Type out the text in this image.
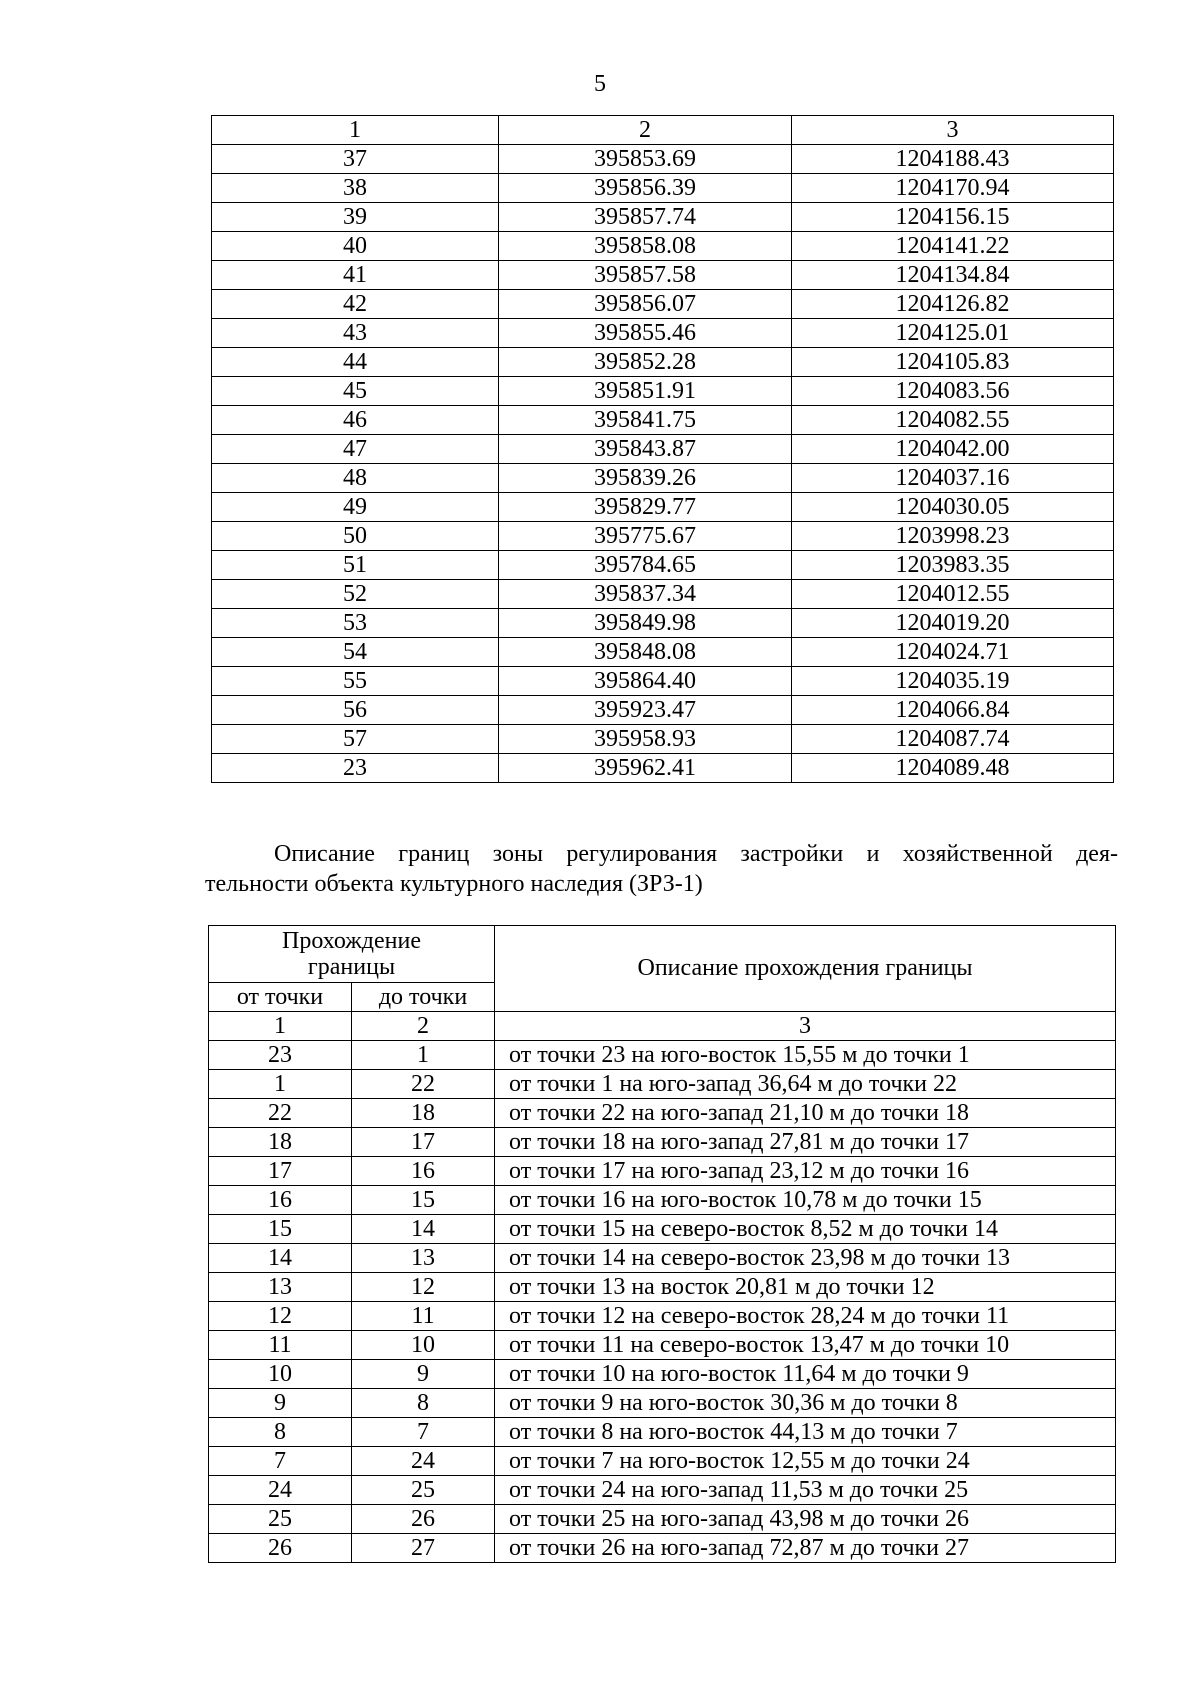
5
1	2	3
37	395853.69	1204188.43
38	395856.39	1204170.94
39	395857.74	1204156.15
40	395858.08	1204141.22
41	395857.58	1204134.84
42	395856.07	1204126.82
43	395855.46	1204125.01
44	395852.28	1204105.83
45	395851.91	1204083.56
46	395841.75	1204082.55
47	395843.87	1204042.00
48	395839.26	1204037.16
49	395829.77	1204030.05
50	395775.67	1203998.23
51	395784.65	1203983.35
52	395837.34	1204012.55
53	395849.98	1204019.20
54	395848.08	1204024.71
55	395864.40	1204035.19
56	395923.47	1204066.84
57	395958.93	1204087.74
23	395962.41	1204089.48
Описание границ зоны регулирования застройки и хозяйственной дея-
тельности объекта культурного наследия (ЗРЗ-1)
Прохождение границы		Описание прохождения границы
от точки	до точки	
1	2	3
23	1	от точки 23 на юго-восток 15,55 м до точки 1
1	22	от точки 1 на юго-запад 36,64 м до точки 22
22	18	от точки 22 на юго-запад 21,10 м до точки 18
18	17	от точки 18 на юго-запад 27,81 м до точки 17
17	16	от точки 17 на юго-запад 23,12 м до точки 16
16	15	от точки 16 на юго-восток 10,78 м до точки 15
15	14	от точки 15 на северо-восток 8,52 м до точки 14
14	13	от точки 14 на северо-восток 23,98 м до точки 13
13	12	от точки 13 на восток 20,81 м до точки 12
12	11	от точки 12 на северо-восток 28,24 м до точки 11
11	10	от точки 11 на северо-восток 13,47 м до точки 10
10	9	от точки 10 на юго-восток 11,64 м до точки 9
9	8	от точки 9 на юго-восток 30,36 м до точки 8
8	7	от точки 8 на юго-восток 44,13 м до точки 7
7	24	от точки 7 на юго-восток 12,55 м до точки 24
24	25	от точки 24 на юго-запад 11,53 м до точки 25
25	26	от точки 25 на юго-запад 43,98 м до точки 26
26	27	от точки 26 на юго-запад 72,87 м до точки 27
